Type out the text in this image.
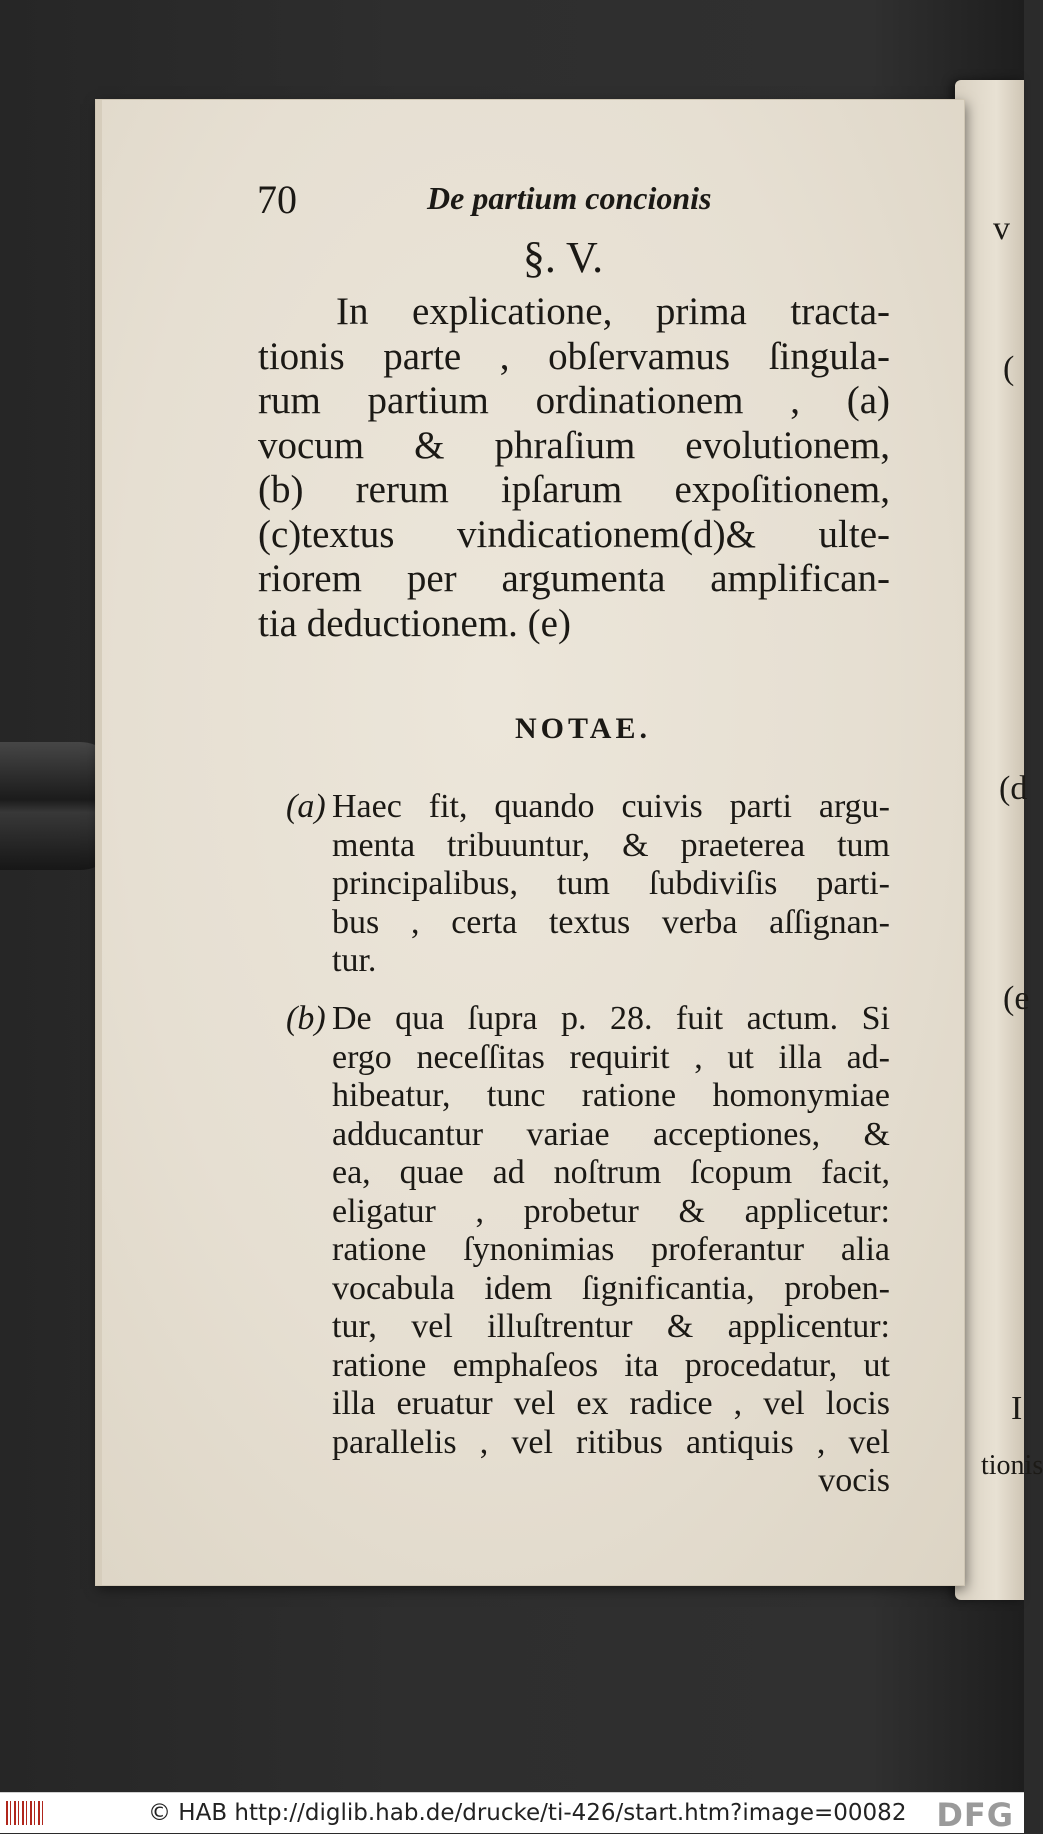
v
(
(d
(e
I
tionis
70	De partium concionis
§. V.
In explicatione, prima tracta-
tionis parte , obſervamus ſingula-
rum partium ordinationem , (a)
vocum & phraſium evolutionem,
(b) rerum ipſarum expoſitionem,
(c)textus vindicationem(d)& ulte-
riorem per argumenta amplifican-
tia deductionem. (e)
NOTAE.
(a) Haec fit, quando cuivis parti argu-
menta tribuuntur, & praeterea tum
principalibus, tum ſubdiviſis parti-
bus , certa textus verba aſſignan-
tur.
(b) De qua ſupra p. 28. fuit actum. Si
ergo neceſſitas requirit , ut illa ad-
hibeatur, tunc ratione homonymiae
adducantur variae acceptiones, &
ea, quae ad noſtrum ſcopum facit,
eligatur , probetur & applicetur:
ratione ſynonimias proferantur alia
vocabula idem ſignificantia, proben-
tur, vel illuſtrentur & applicentur:
ratione emphaſeos ita procedatur, ut
illa eruatur vel ex radice , vel locis
parallelis , vel ritibus antiquis , vel
vocis
© HAB http://diglib.hab.de/drucke/ti-426/start.htm?image=00082 DFG
